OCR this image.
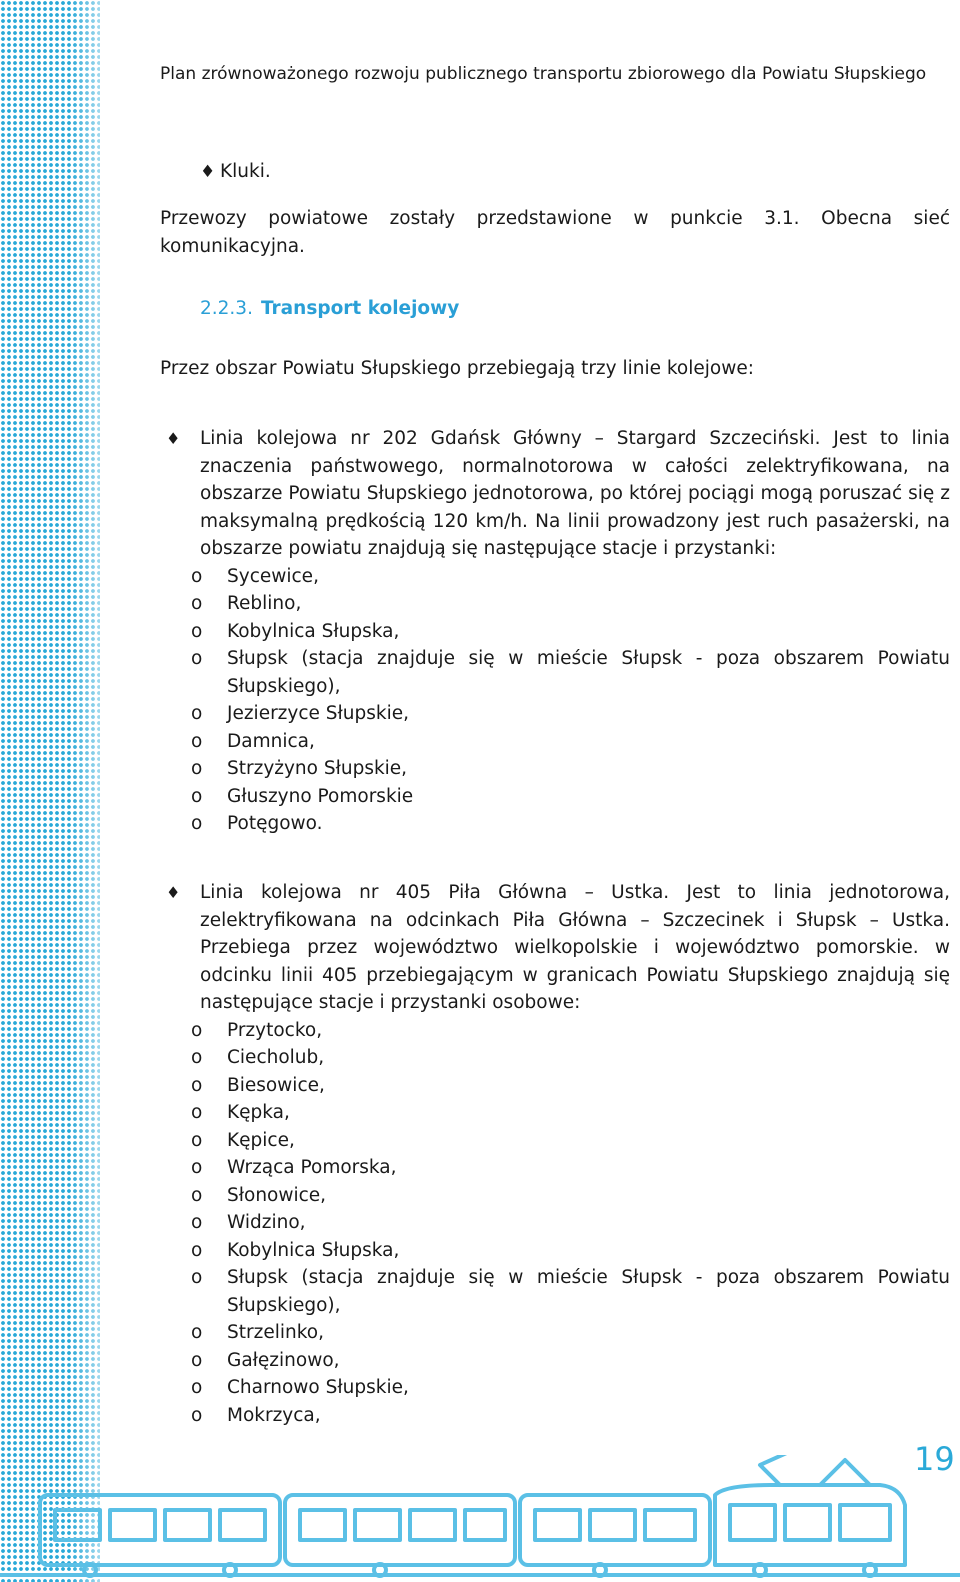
Plan zrównoważonego rozwoju publicznego transportu zbiorowego dla Powiatu Słupskiego
♦ Kluki.
Przewozy powiatowe zostały przedstawione w punkcie 3.1. Obecna sieć komunikacyjna.
2.2.3. Transport kolejowy
Przez obszar Powiatu Słupskiego przebiegają trzy linie kolejowe:
♦ Linia kolejowa nr 202 Gdańsk Główny – Stargard Szczeciński. Jest to linia znaczenia państwowego, normalnotorowa w całości zelektryfikowana, na obszarze Powiatu Słupskiego jednotorowa, po której pociągi mogą poruszać się z maksymalną prędkością 120 km/h. Na linii prowadzony jest ruch pasażerski, na obszarze powiatu znajdują się następujące stacje i przystanki:
o Sycewice,
o Reblino,
o Kobylnica Słupska,
o Słupsk (stacja znajduje się w mieście Słupsk - poza obszarem Powiatu Słupskiego),
o Jezierzyce Słupskie,
o Damnica,
o Strzyżyno Słupskie,
o Głuszyno Pomorskie
o Potęgowo.
♦ Linia kolejowa nr 405 Piła Główna – Ustka. Jest to linia jednotorowa, zelektryfikowana na odcinkach Piła Główna – Szczecinek i Słupsk – Ustka. Przebiega przez województwo wielkopolskie i województwo pomorskie. w odcinku linii 405 przebiegającym w granicach Powiatu Słupskiego znajdują się następujące stacje i przystanki osobowe:
o Przytocko,
o Ciecholub,
o Biesowice,
o Kępka,
o Kępice,
o Wrząca Pomorska,
o Słonowice,
o Widzino,
o Kobylnica Słupska,
o Słupsk (stacja znajduje się w mieście Słupsk - poza obszarem Powiatu Słupskiego),
o Strzelinko,
o Gałęzinowo,
o Charnowo Słupskie,
o Mokrzyca,
19
